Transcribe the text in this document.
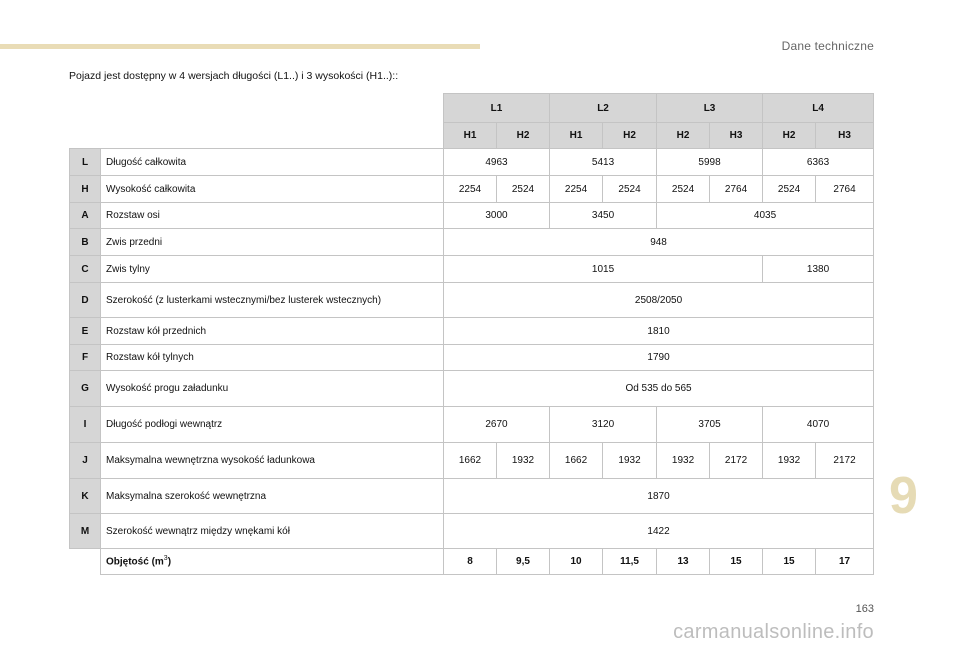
Dane techniczne
Pojazd jest dostępny w 4 wersjach długości (L1..) i 3 wysokości (H1..)::
		L1		L2		L3		L4	
		H1	H2	H1	H2	H2	H3	H2	H3
L	Długość całkowita	4963		5413		5998		6363	
H	Wysokość całkowita	2254	2524	2254	2524	2524	2764	2524	2764
A	Rozstaw osi	3000		3450		4035			
B	Zwis przedni	948							
C	Zwis tylny	1015						1380	
D	Szerokość (z lusterkami wstecznymi/bez lusterek wstecznych)	2508/2050							
E	Rozstaw kół przednich	1810							
F	Rozstaw kół tylnych	1790							
G	Wysokość progu załadunku	Od 535 do 565							
I	Długość podłogi wewnątrz	2670		3120		3705		4070	
J	Maksymalna wewnętrzna wysokość ładunkowa	1662	1932	1662	1932	1932	2172	1932	2172
K	Maksymalna szerokość wewnętrzna	1870							
M	Szerokość wewnątrz między wnękami kół	1422							
	Objętość $(m^3)$	8	9,5	10	11,5	13	15	15	17
9
163
carmanualsonline.info
